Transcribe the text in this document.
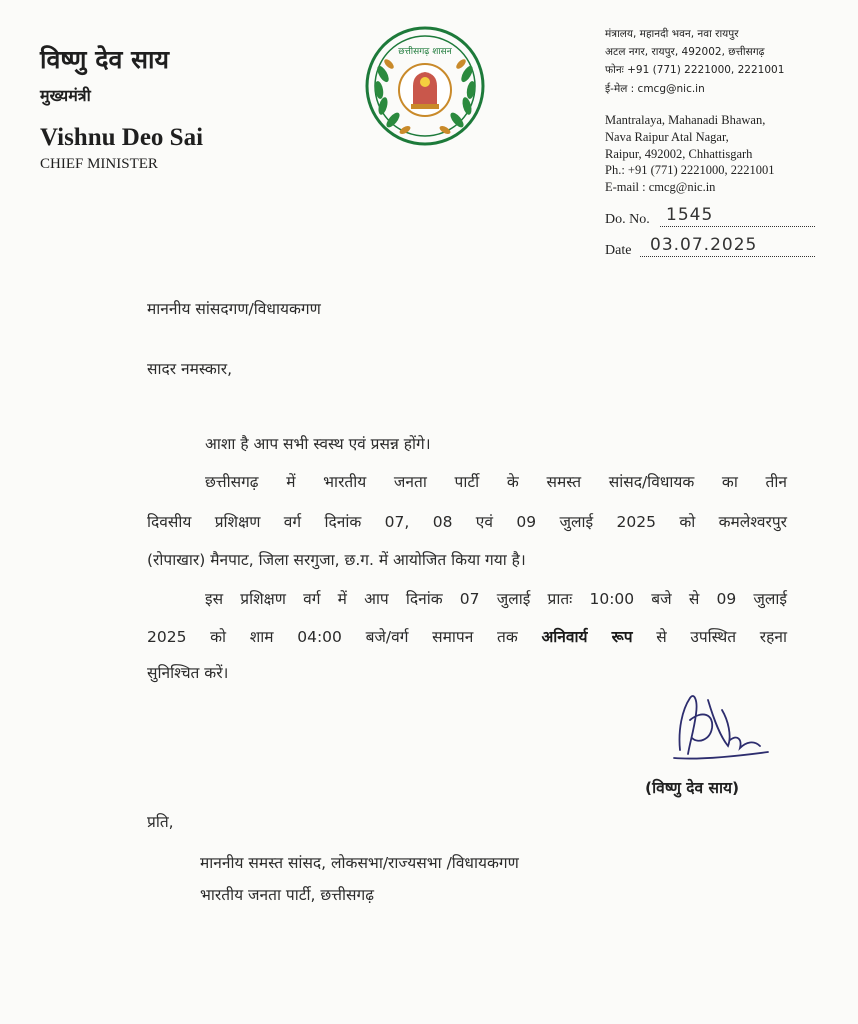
विष्णु देव साय
मुख्यमंत्री
Vishnu Deo Sai
CHIEF MINISTER
छत्तीसगढ़ शासन
मंत्रालय, महानदी भवन, नवा रायपुर
अटल नगर, रायपुर, 492002, छत्तीसगढ़
फोनः +91 (771) 2221000, 2221001
ई-मेल : cmcg@nic.in
Mantralaya, Mahanadi Bhawan,
Nava Raipur Atal Nagar,
Raipur, 492002, Chhattisgarh
Ph.: +91 (771) 2221000, 2221001
E-mail : cmcg@nic.in
Do. No. 1545
Date 03.07.2025
माननीय सांसदगण/विधायकगण
सादर नमस्कार,
आशा है आप सभी स्वस्थ एवं प्रसन्न होंगे।
छत्तीसगढ़ में भारतीय जनता पार्टी के समस्त सांसद/विधायक का तीन
दिवसीय प्रशिक्षण वर्ग दिनांक 07, 08 एवं 09 जुलाई 2025 को कमलेश्वरपुर
(रोपाखार) मैनपाट, जिला सरगुजा, छ.ग. में आयोजित किया गया है।
इस प्रशिक्षण वर्ग में आप दिनांक 07 जुलाई प्रातः 10:00 बजे से 09 जुलाई
2025 को शाम 04:00 बजे/वर्ग समापन तक अनिवार्य रूप से उपस्थित रहना
सुनिश्चित करें।
(विष्णु देव साय)
प्रति,
माननीय समस्त सांसद, लोकसभा/राज्यसभा /विधायकगण
भारतीय जनता पार्टी, छत्तीसगढ़
